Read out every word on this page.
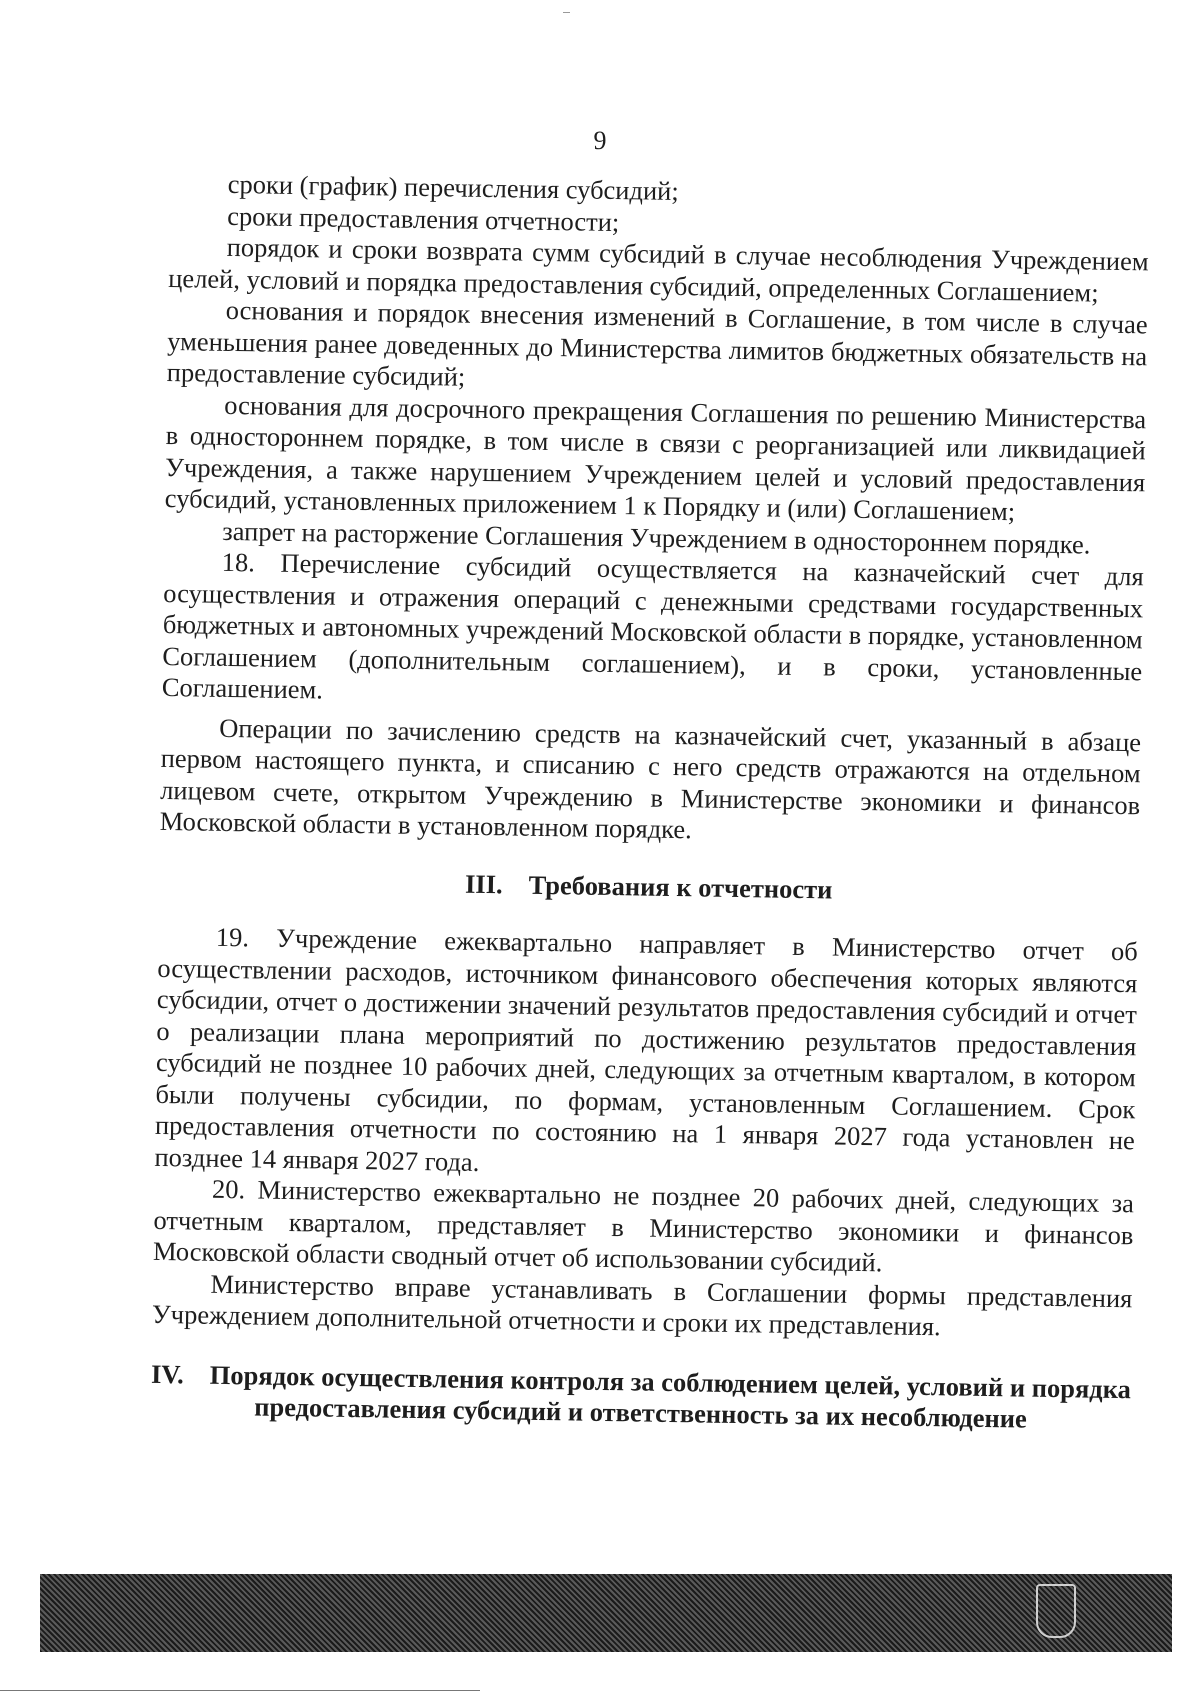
9

сроки (график) перечисления субсидий;

сроки предоставления отчетности;

порядок и сроки возврата сумм субсидий в случае несоблюдения Учреждением целей, условий и порядка предоставления субсидий, определенных Соглашением;

основания и порядок внесения изменений в Соглашение, в том числе в случае уменьшения ранее доведенных до Министерства лимитов бюджетных обязательств на предоставление субсидий;

основания для досрочного прекращения Соглашения по решению Министерства в одностороннем порядке, в том числе в связи с реорганизацией или ликвидацией Учреждения, а также нарушением Учреждением целей и условий предоставления субсидий, установленных приложением 1 к Порядку и (или) Соглашением;

запрет на расторжение Соглашения Учреждением в одностороннем порядке.

18. Перечисление субсидий осуществляется на казначейский счет для осуществления и отражения операций с денежными средствами государственных бюджетных и автономных учреждений Московской области в порядке, установленном Соглашением (дополнительным соглашением), и в сроки, установленные Соглашением.

Операции по зачислению средств на казначейский счет, указанный в абзаце первом настоящего пункта, и списанию с него средств отражаются на отдельном лицевом счете, открытом Учреждению в Министерстве экономики и финансов Московской области в установленном порядке.

III. Требования к отчетности

19. Учреждение ежеквартально направляет в Министерство отчет об осуществлении расходов, источником финансового обеспечения которых являются субсидии, отчет о достижении значений результатов предоставления субсидий и отчет о реализации плана мероприятий по достижению результатов предоставления субсидий не позднее 10 рабочих дней, следующих за отчетным кварталом, в котором были получены субсидии, по формам, установленным Соглашением. Срок предоставления отчетности по состоянию на 1 января 2027 года установлен не позднее 14 января 2027 года.

20. Министерство ежеквартально не позднее 20 рабочих дней, следующих за отчетным кварталом, представляет в Министерство экономики и финансов Московской области сводный отчет об использовании субсидий.

Министерство вправе устанавливать в Соглашении формы представления Учреждением дополнительной отчетности и сроки их представления.

IV. Порядок осуществления контроля за соблюдением целей, условий и порядка предоставления субсидий и ответственность за их несоблюдение
